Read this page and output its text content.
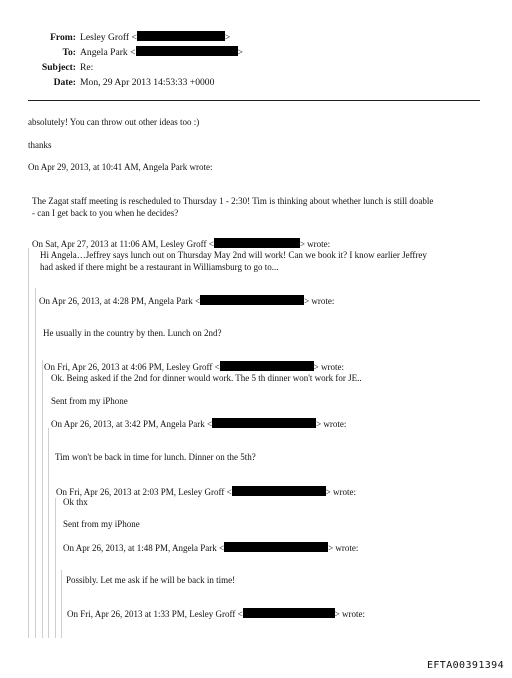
From: Lesley Groff <	>
To: Angela Park <	>
Subject: Re:
Date: Mon, 29 Apr 2013 14:53:33 +0000
absolutely! You can throw out other ideas too :)
thanks
On Apr 29, 2013, at 10:41 AM, Angela Park wrote:
The Zagat staff meeting is rescheduled to Thursday 1 - 2:30! Tim is thinking about whether lunch is still doable
- can I get back to you when he decides?
On Sat, Apr 27, 2013 at 11:06 AM, Lesley Groff <	> wrote:
Hi Angela…Jeffrey says lunch out on Thursday May 2nd will work! Can we book it? I know earlier Jeffrey
had asked if there might be a restaurant in Williamsburg to go to...
On Apr 26, 2013, at 4:28 PM, Angela Park <	> wrote:
He usually in the country by then. Lunch on 2nd?
On Fri, Apr 26, 2013 at 4:06 PM, Lesley Groff <	> wrote:
Ok. Being asked if the 2nd for dinner would work. The 5 th dinner won't work for JE..
Sent from my iPhone
On Apr 26, 2013, at 3:42 PM, Angela Park <	> wrote:
Tim won't be back in time for lunch. Dinner on the 5th?
On Fri, Apr 26, 2013 at 2:03 PM, Lesley Groff <	> wrote:
Ok thx
Sent from my iPhone
On Apr 26, 2013, at 1:48 PM, Angela Park <	> wrote:
Possibly. Let me ask if he will be back in time!
On Fri, Apr 26, 2013 at 1:33 PM, Lesley Groff <	> wrote:
EFTA00391394
